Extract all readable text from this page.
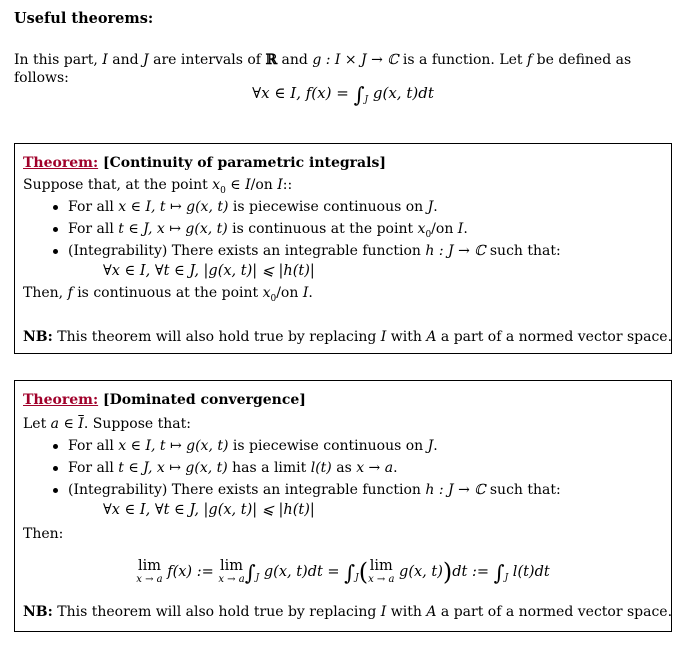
Useful theorems:
In this part, I and J are intervals of ℝ and g : I × J → ℂ is a function. Let f be defined as follows:
∀x ∈ I, $f(x) = \int_J$ g(x, t)dt
Theorem: [Continuity of parametric integrals]
Suppose that, at the point $x_0$ ∈ I/on I::
For all x ∈ I, t ↦ g(x, t) is piecewise continuous on J.
For all t ∈ J, x ↦ g(x, t) is continuous at the point $x_0/on$ I.
(Integrability) There exists an integrable function h : J → ℂ such that:
∀x ∈ I, ∀t ∈ J, |g(x, t)| ⩽ |h(t)|
Then, f is continuous at the point $x_0/on$ I.
NB: This theorem will also hold true by replacing I with A a part of a normed vector space.
Theorem: [Dominated convergence]
Let a ∈ $\overline{I}$. Suppose that:
For all x ∈ I, t ↦ g(x, t) is piecewise continuous on J.
For all t ∈ J, x ↦ g(x, t) has a limit l(t) as x → a.
(Integrability) There exists an integrable function h : J → ℂ such that:
∀x ∈ I, ∀t ∈ J, |g(x, t)| ⩽ |h(t)|
Then:
lim
x → a f(x) := lim
x → a $\int_J$ g(x, $t)dt = \int_J$( lim
x → a g(x, t))dt := $\int_J$ l(t)dt
NB: This theorem will also hold true by replacing I with A a part of a normed vector space.
